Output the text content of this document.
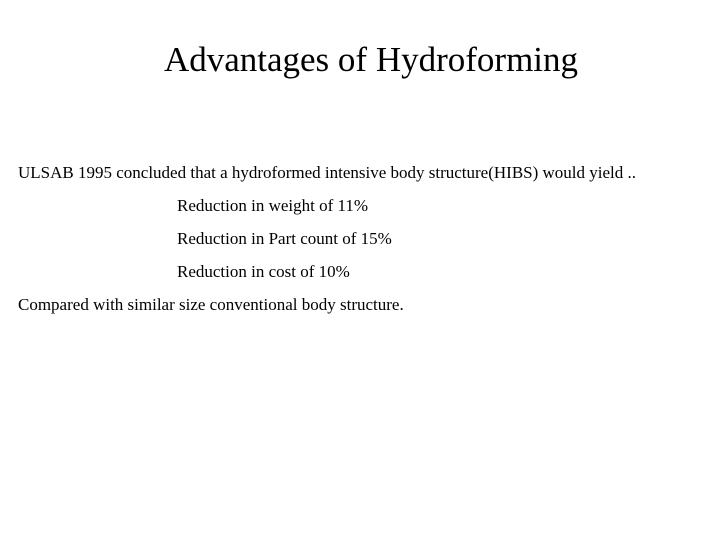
Advantages of Hydroforming
ULSAB 1995 concluded that a hydroformed intensive body structure(HIBS) would yield ..
Reduction in weight of 11%
Reduction in Part count of 15%
Reduction in cost of 10%
Compared with similar size conventional body structure.
